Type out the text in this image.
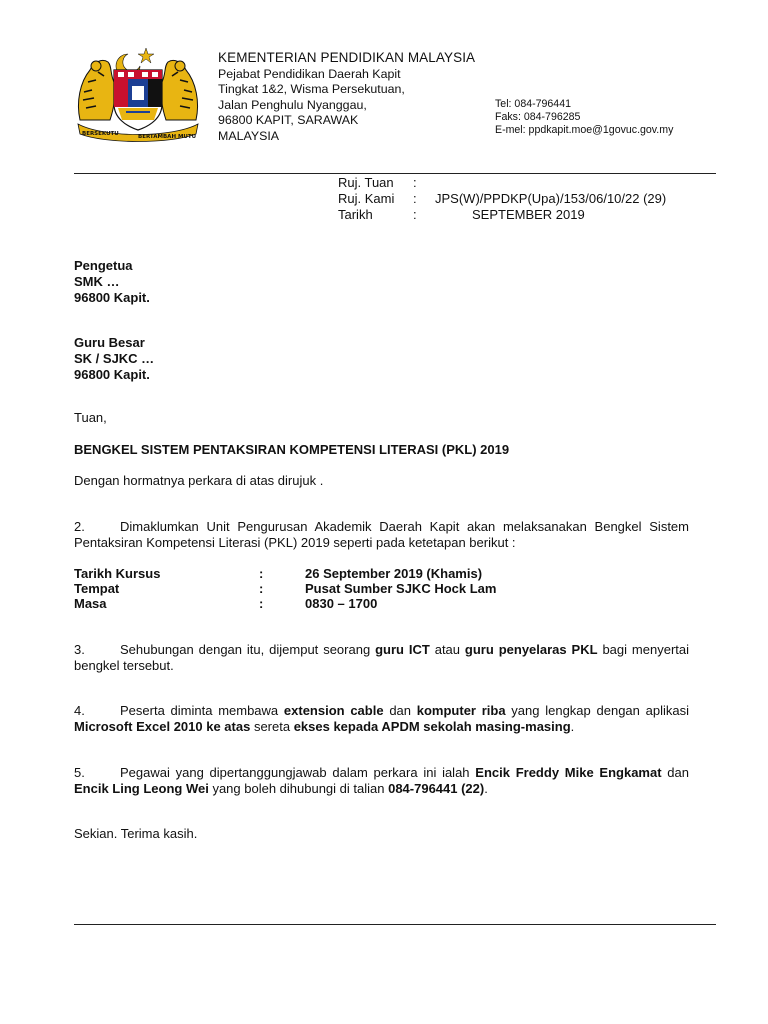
BERSEKUTU	BERTAMBAH MUTU
KEMENTERIAN PENDIDIKAN MALAYSIA
Pejabat Pendidikan Daerah Kapit
Tingkat 1&2, Wisma Persekutuan,
Jalan Penghulu Nyanggau,
96800 KAPIT, SARAWAK
MALAYSIA
Tel: 084-796441
Faks: 084-796285
E-mel: ppdkapit.moe@1govuc.gov.my
Ruj. Tuan :
Ruj. Kami : JPS(W)/PPDKP(Upa)/153/06/10/22 (29)
Tarikh	:	SEPTEMBER 2019
Pengetua
SMK …
96800 Kapit.
Guru Besar
SK / SJKC …
96800 Kapit.
Tuan,
BENGKEL SISTEM PENTAKSIRAN KOMPETENSI LITERASI (PKL) 2019
Dengan hormatnya perkara di atas dirujuk .
2.	Dimaklumkan Unit Pengurusan Akademik Daerah Kapit akan melaksanakan Bengkel Sistem Pentaksiran Kompetensi Literasi (PKL) 2019 seperti pada ketetapan berikut :
Tarikh Kursus	:	26 September 2019 (Khamis)
Tempat	:	Pusat Sumber SJKC Hock Lam
Masa	:	0830 – 1700
3.	Sehubungan dengan itu, dijemput seorang guru ICT atau guru penyelaras PKL bagi menyertai bengkel tersebut.
4.	Peserta diminta membawa extension cable dan komputer riba yang lengkap dengan aplikasi Microsoft Excel 2010 ke atas sereta ekses kepada APDM sekolah masing-masing.
5.	Pegawai yang dipertanggungjawab dalam perkara ini ialah Encik Freddy Mike Engkamat dan Encik Ling Leong Wei yang boleh dihubungi di talian 084-796441 (22).
Sekian. Terima kasih.
